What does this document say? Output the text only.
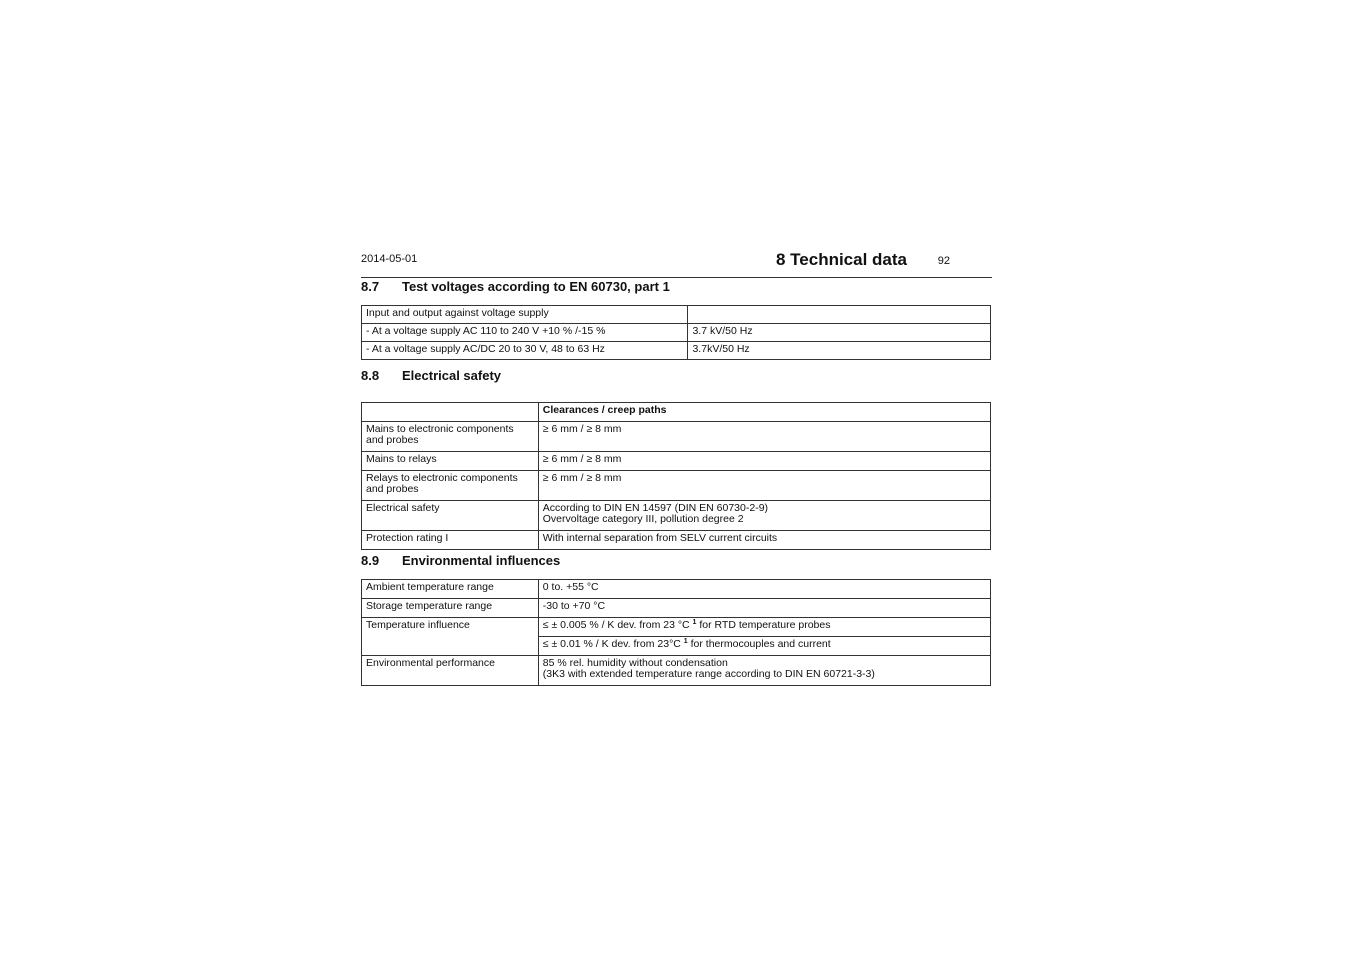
2014-05-01	8 Technical data	92
8.7 Test voltages according to EN 60730, part 1
Input and output against voltage supply	
- At a voltage supply AC 110 to 240 V +10 % /-15 %	3.7 kV/50 Hz
- At a voltage supply AC/DC 20 to 30 V, 48 to 63 Hz	3.7kV/50 Hz
8.8 Electrical safety
	Clearances / creep paths
Mains to electronic components
and probes	≥ 6 mm / ≥ 8 mm
Mains to relays	≥ 6 mm / ≥ 8 mm
Relays to electronic components
and probes	≥ 6 mm / ≥ 8 mm
Electrical safety	According to DIN EN 14597 (DIN EN 60730-2-9)
Overvoltage category III, pollution degree 2
Protection rating I	With internal separation from SELV current circuits
8.9 Environmental influences
Ambient temperature range	0 to. +55 °C
Storage temperature range	-30 to +70 °C
Temperature influence	≤ ± 0.005 % / K dev. from 23 °C $^1$ for RTD temperature probes
	≤ ± 0.01 % / K dev. from 23°C $^1$ for thermocouples and current
Environmental performance	85 % rel. humidity without condensation
(3K3 with extended temperature range according to DIN EN 60721-3-3)
